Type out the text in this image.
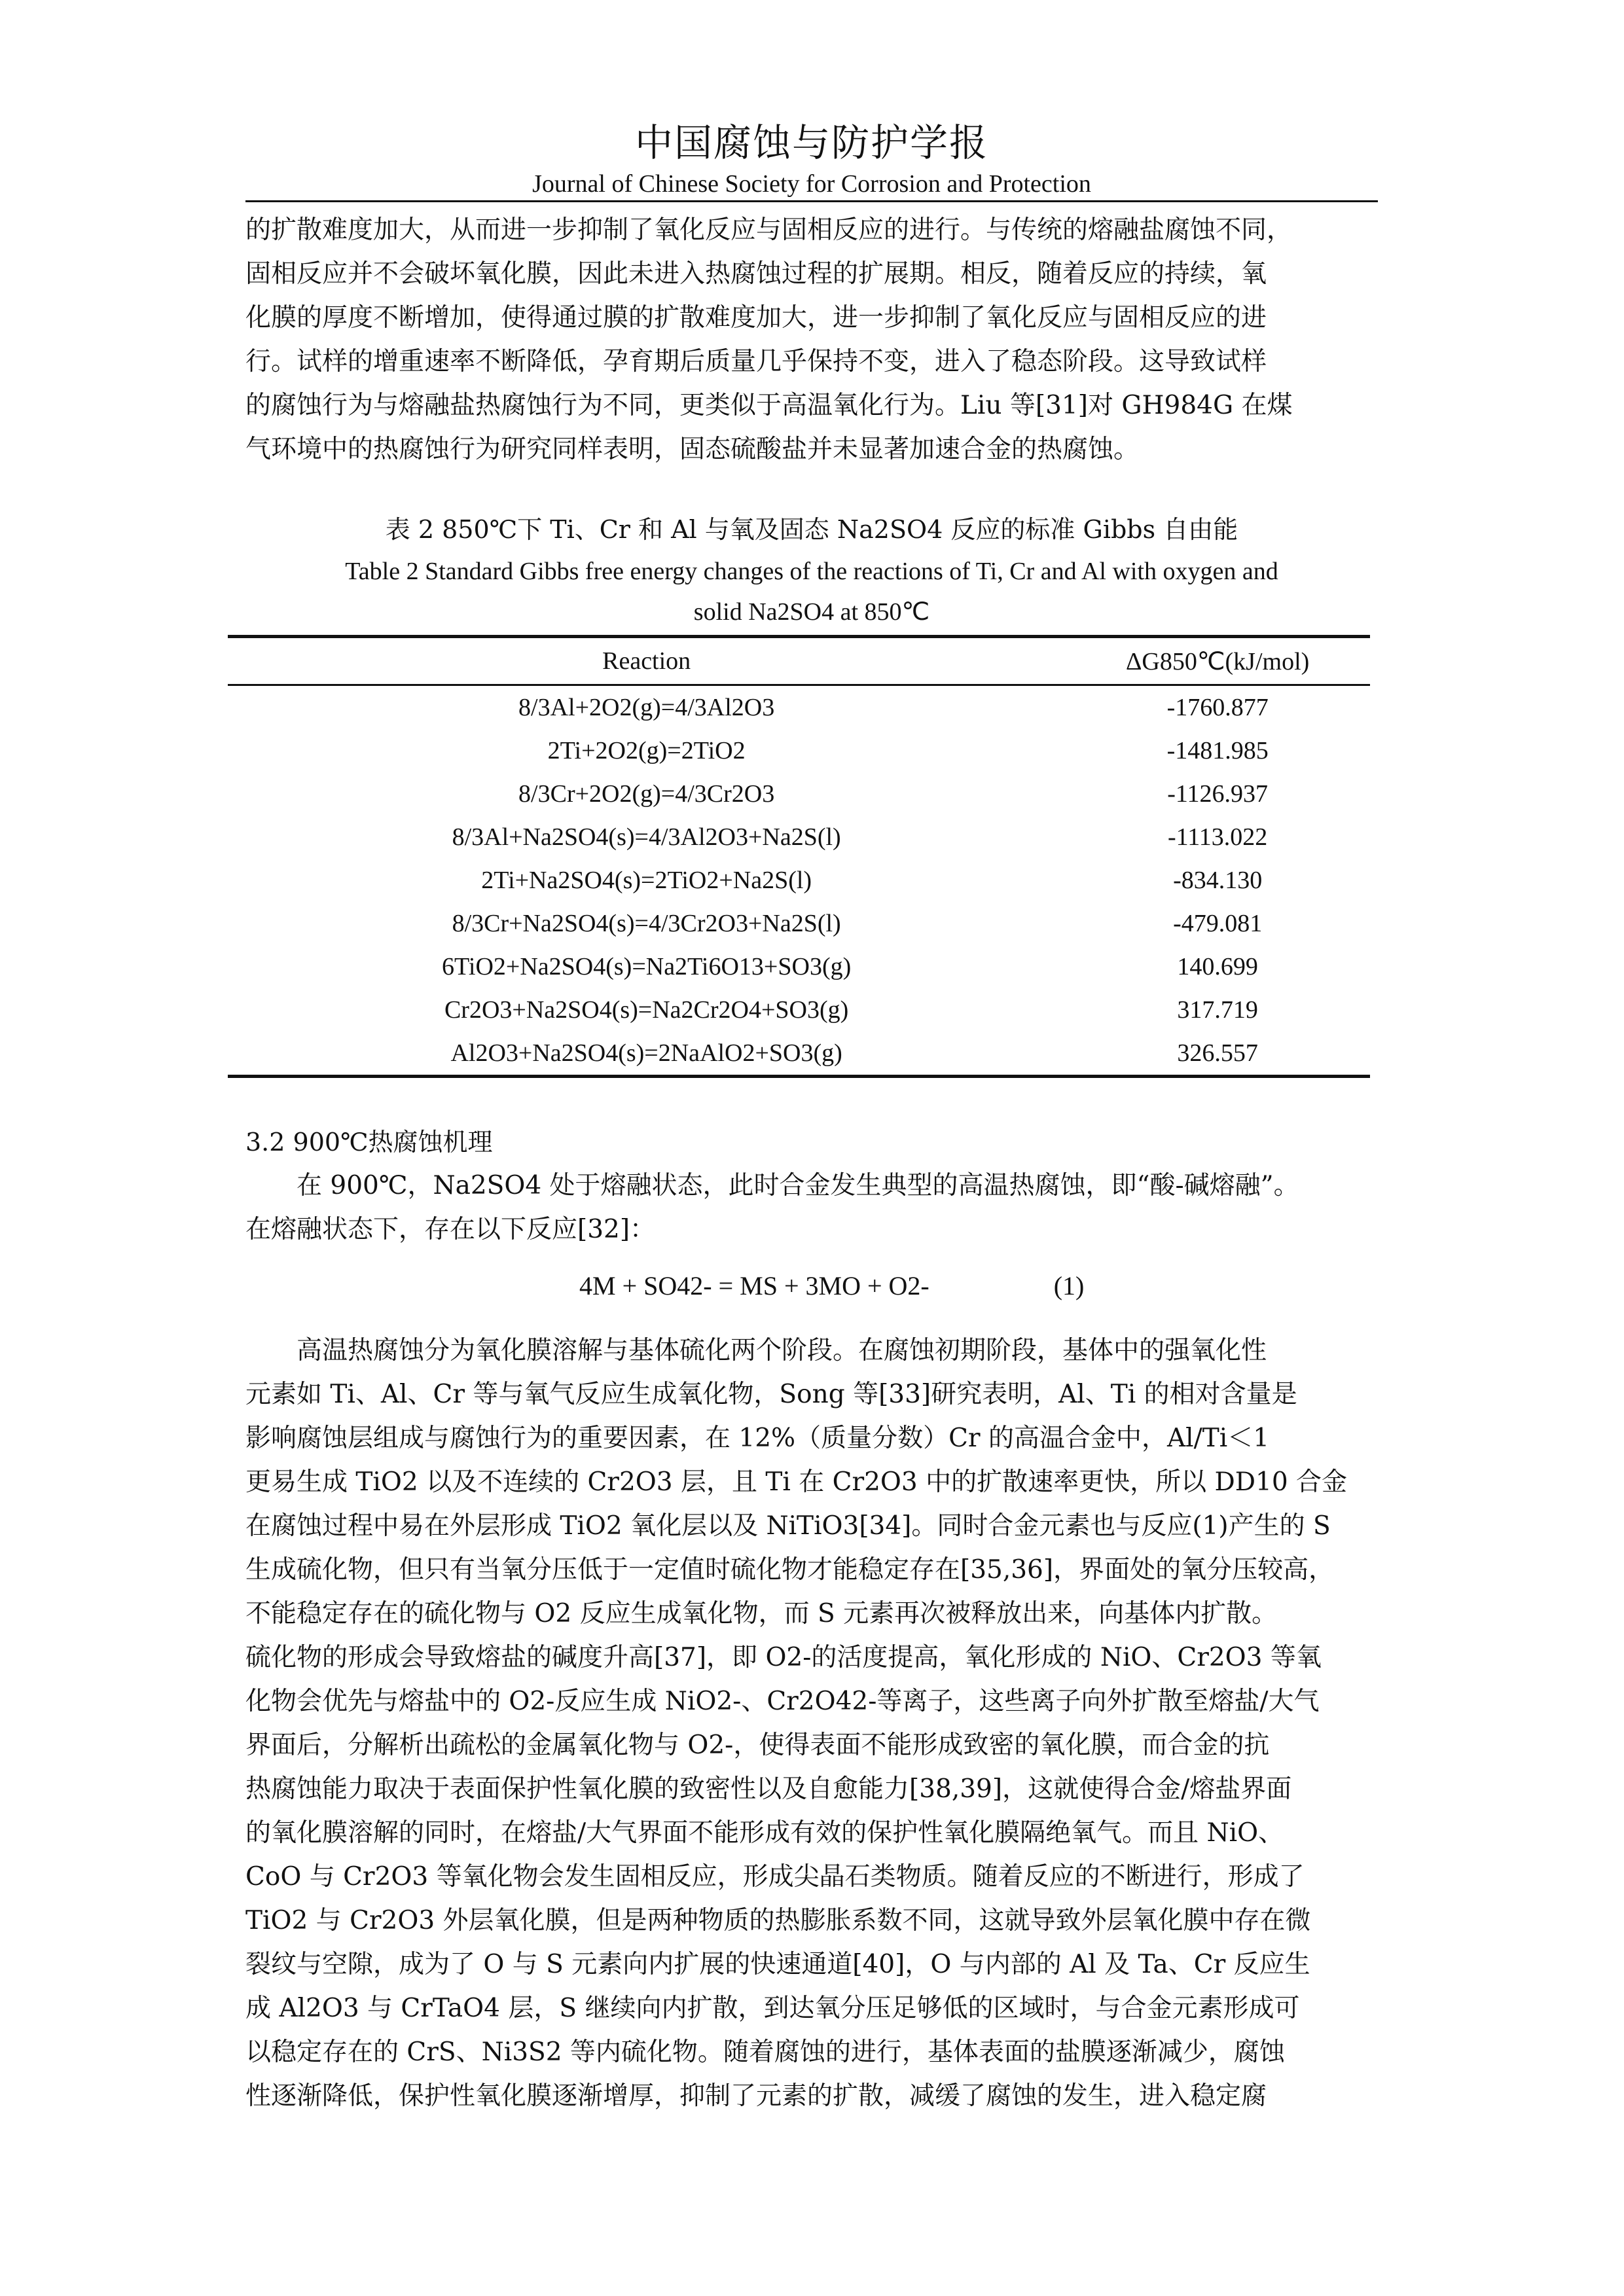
中国腐蚀与防护学报
Journal of Chinese Society for Corrosion and Protection

的扩散难度加大，从而进一步抑制了氧化反应与固相反应的进行。与传统的熔融盐腐蚀不同，

固相反应并不会破坏氧化膜，因此未进入热腐蚀过程的扩展期。相反，随着反应的持续，氧

化膜的厚度不断增加，使得通过膜的扩散难度加大，进一步抑制了氧化反应与固相反应的进

行。试样的增重速率不断降低，孕育期后质量几乎保持不变，进入了稳态阶段。这导致试样

的腐蚀行为与熔融盐热腐蚀行为不同，更类似于高温氧化行为。Liu 等[31]对 GH984G 在煤

气环境中的热腐蚀行为研究同样表明，固态硫酸盐并未显著加速合金的热腐蚀。

表 2 850℃下 Ti、Cr 和 Al 与氧及固态 Na2SO4 反应的标准 Gibbs 自由能
Table 2 Standard Gibbs free energy changes of the reactions of Ti, Cr and Al with oxygen and
solid Na2SO4 at 850℃
Reaction	ΔG850℃(kJ/mol)
8/3Al+2O2(g)=4/3Al2O3	-1760.877
2Ti+2O2(g)=2TiO2	-1481.985
8/3Cr+2O2(g)=4/3Cr2O3	-1126.937
8/3Al+Na2SO4(s)=4/3Al2O3+Na2S(l)	-1113.022
2Ti+Na2SO4(s)=2TiO2+Na2S(l)	-834.130
8/3Cr+Na2SO4(s)=4/3Cr2O3+Na2S(l)	-479.081
6TiO2+Na2SO4(s)=Na2Ti6O13+SO3(g)	140.699
Cr2O3+Na2SO4(s)=Na2Cr2O4+SO3(g)	317.719
Al2O3+Na2SO4(s)=2NaAlO2+SO3(g)	326.557
3.2 900℃热腐蚀机理

在 900℃，Na2SO4 处于熔融状态，此时合金发生典型的高温热腐蚀，即“酸-碱熔融”。

在熔融状态下，存在以下反应[32]：

4M + SO42- = MS + 3MO + O2-	(1)

高温热腐蚀分为氧化膜溶解与基体硫化两个阶段。在腐蚀初期阶段，基体中的强氧化性

元素如 Ti、Al、Cr 等与氧气反应生成氧化物，Song 等[33]研究表明，Al、Ti 的相对含量是

影响腐蚀层组成与腐蚀行为的重要因素，在 12%（质量分数）Cr 的高温合金中，Al/Ti＜1

更易生成 TiO2 以及不连续的 Cr2O3 层，且 Ti 在 Cr2O3 中的扩散速率更快，所以 DD10 合金

在腐蚀过程中易在外层形成 TiO2 氧化层以及 NiTiO3[34]。同时合金元素也与反应(1)产生的 S

生成硫化物，但只有当氧分压低于一定值时硫化物才能稳定存在[35,36]，界面处的氧分压较高，

不能稳定存在的硫化物与 O2 反应生成氧化物，而 S 元素再次被释放出来，向基体内扩散。

硫化物的形成会导致熔盐的碱度升高[37]，即 O2-的活度提高，氧化形成的 NiO、Cr2O3 等氧

化物会优先与熔盐中的 O2-反应生成 NiO2-、Cr2O42-等离子，这些离子向外扩散至熔盐/大气

界面后，分解析出疏松的金属氧化物与 O2-，使得表面不能形成致密的氧化膜，而合金的抗

热腐蚀能力取决于表面保护性氧化膜的致密性以及自愈能力[38,39]，这就使得合金/熔盐界面

的氧化膜溶解的同时，在熔盐/大气界面不能形成有效的保护性氧化膜隔绝氧气。而且 NiO、

CoO 与 Cr2O3 等氧化物会发生固相反应，形成尖晶石类物质。随着反应的不断进行，形成了

TiO2 与 Cr2O3 外层氧化膜，但是两种物质的热膨胀系数不同，这就导致外层氧化膜中存在微

裂纹与空隙，成为了 O 与 S 元素向内扩展的快速通道[40]，O 与内部的 Al 及 Ta、Cr 反应生

成 Al2O3 与 CrTaO4 层，S 继续向内扩散，到达氧分压足够低的区域时，与合金元素形成可

以稳定存在的 CrS、Ni3S2 等内硫化物。随着腐蚀的进行，基体表面的盐膜逐渐减少，腐蚀

性逐渐降低，保护性氧化膜逐渐增厚，抑制了元素的扩散，减缓了腐蚀的发生，进入稳定腐
